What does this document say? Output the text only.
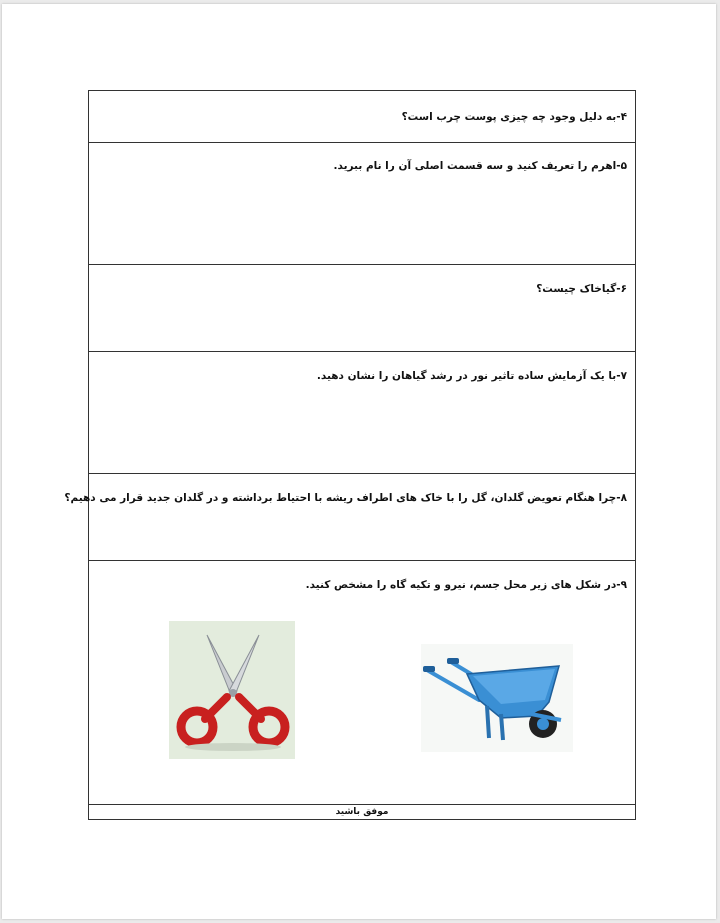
۴-به دلیل وجود چه چیزی پوست چرب است؟
۵-اهرم را تعریف کنید و سه قسمت اصلی آن را نام ببرید.
۶-گیاخاک چیست؟
۷-با یک آزمایش ساده تاثیر نور در رشد گیاهان را نشان دهید.
۸-چرا هنگام تعویض گلدان، گل را با خاک های اطراف ریشه با احتیاط برداشته و در گلدان جدید قرار می دهیم؟
۹-در شکل های زیر محل جسم، نیرو و تکیه گاه را مشخص کنید.
موفق باشید
